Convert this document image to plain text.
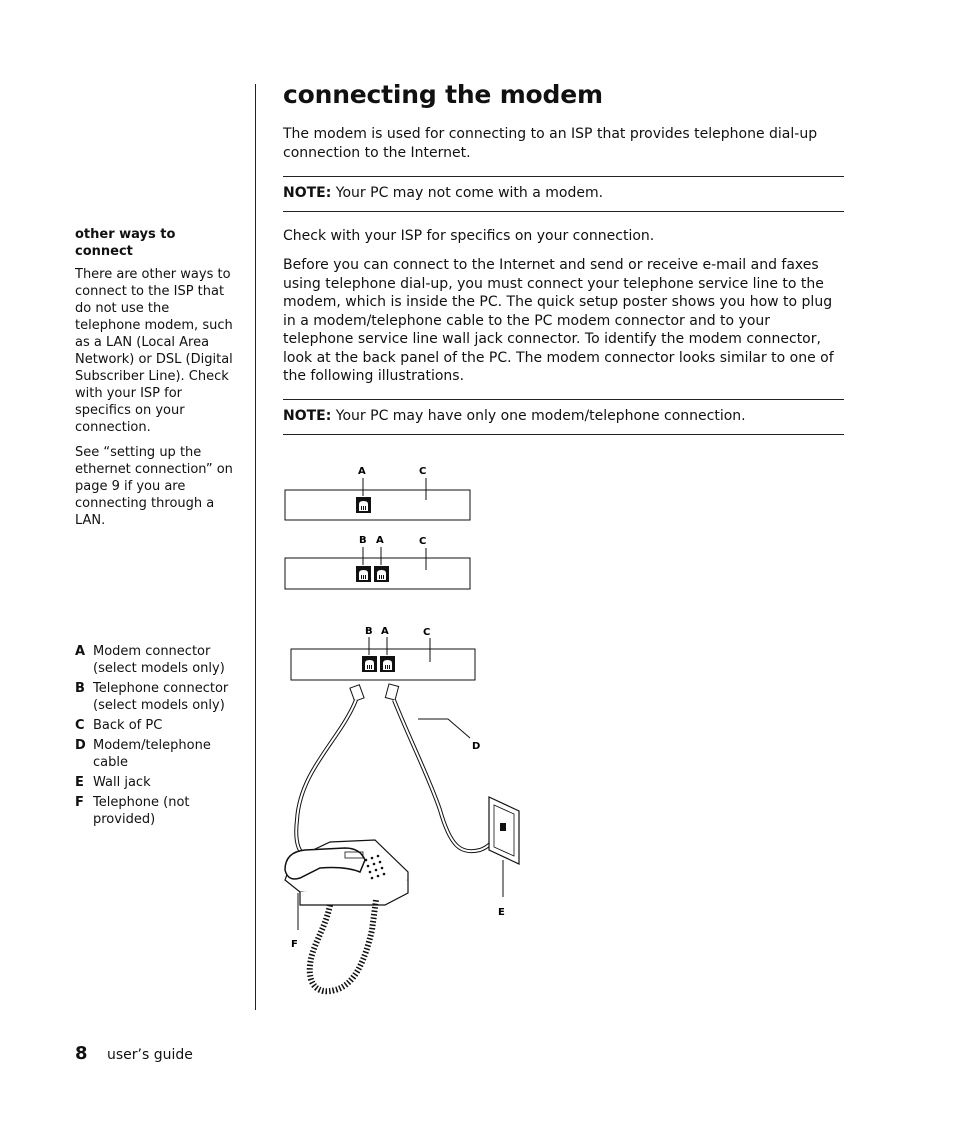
connecting the modem

The modem is used for connecting to an ISP that provides telephone dial-up connection to the Internet.

NOTE: Your PC may not come with a modem.

Check with your ISP for specifics on your connection.

Before you can connect to the Internet and send or receive e-mail and faxes using telephone dial-up, you must connect your telephone service line to the modem, which is inside the PC. The quick setup poster shows you how to plug in a modem/telephone cable to the PC modem connector and to your telephone service line wall jack connector. To identify the modem connector, look at the back panel of the PC. The modem connector looks similar to one of the following illustrations.

NOTE: Your PC may have only one modem/telephone connection.

other ways to connect

There are other ways to connect to the ISP that do not use the telephone modem, such as a LAN (Local Area Network) or DSL (Digital Subscriber Line). Check with your ISP for specifics on your connection.

See “setting up the ethernet connection” on page 9 if you are connecting through a LAN.

A Modem connector (select models only)
B Telephone connector (select models only)
C Back of PC
D Modem/telephone cable
E Wall jack
F Telephone (not provided)
A	C
B A	C
B A	C
D
E
F
8 user’s guide
